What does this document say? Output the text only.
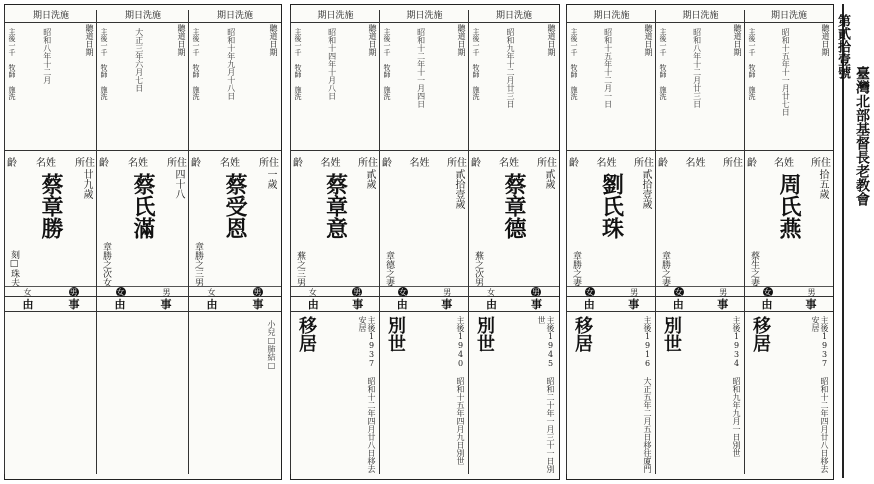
期日洗施
主後一千 牧師 施洗	昭和八年十二月
齡 名姓 所住
廿九歲
蔡章勝
刻□珠夫
女	男
由	事
聽道日期
期日洗施
主後一千 牧師 施洗	大正三年六月七日
齡 名姓 所住
四十八
蔡氏滿
章勝之次女
女	男
由	事
聽道日期
期日洗施
主後一千 牧師 施洗	昭和十年九月十八日
齡 名姓 所住
一歲
蔡受恩
章勝之三男
女	男
由	事
小兒□肺結□
聽道日期
期日洗施
主後一千 牧師 施洗	昭和十四年十月八日
齡 名姓 所住
貳歲
蔡章意
蕪之三男
女	男
由	事
移居	主後1937 昭和十二年四月廿八日移去安居
聽道日期
期日洗施
主後一千 牧師 施洗	昭和十二年十一月四日
齡 名姓 所住
貳拾壹歲
章德之妻
女	男
由	事
別世	主後1940 昭和十五年四月九日別世
聽道日期
期日洗施
主後一千 牧師 施洗	昭和九年十二月廿三日
齡 名姓 所住
貳歲
蔡章德
蕪之次男
女	男
由	事
別世	主後1945 昭和二十年一月三十一日別世
聽道日期
期日洗施
主後一千 牧師 施洗	昭和十五年十二月一日
齡 名姓 所住
貳拾壹歲
劉氏珠
章勝之妻
女	男
由	事
移居	主後1916 大正五年二月五日移往廈門
聽道日期
期日洗施
主後一千 牧師 施洗	昭和八年十二月廿三日
齡 名姓 所住
章勝之妻
女	男
由	事
別世	主後1934 昭和九年九月一日別世
聽道日期
期日洗施
主後一千 牧師 施洗	昭和十五年十一月廿七日
齡 名姓 所住
拾五歲
周氏燕
蔡生之妻
女	男
由	事
移居	主後1937 昭和十二年四月廿八日移去安居
聽道日期 第貳拾壹號
臺灣北部基督長老教會
